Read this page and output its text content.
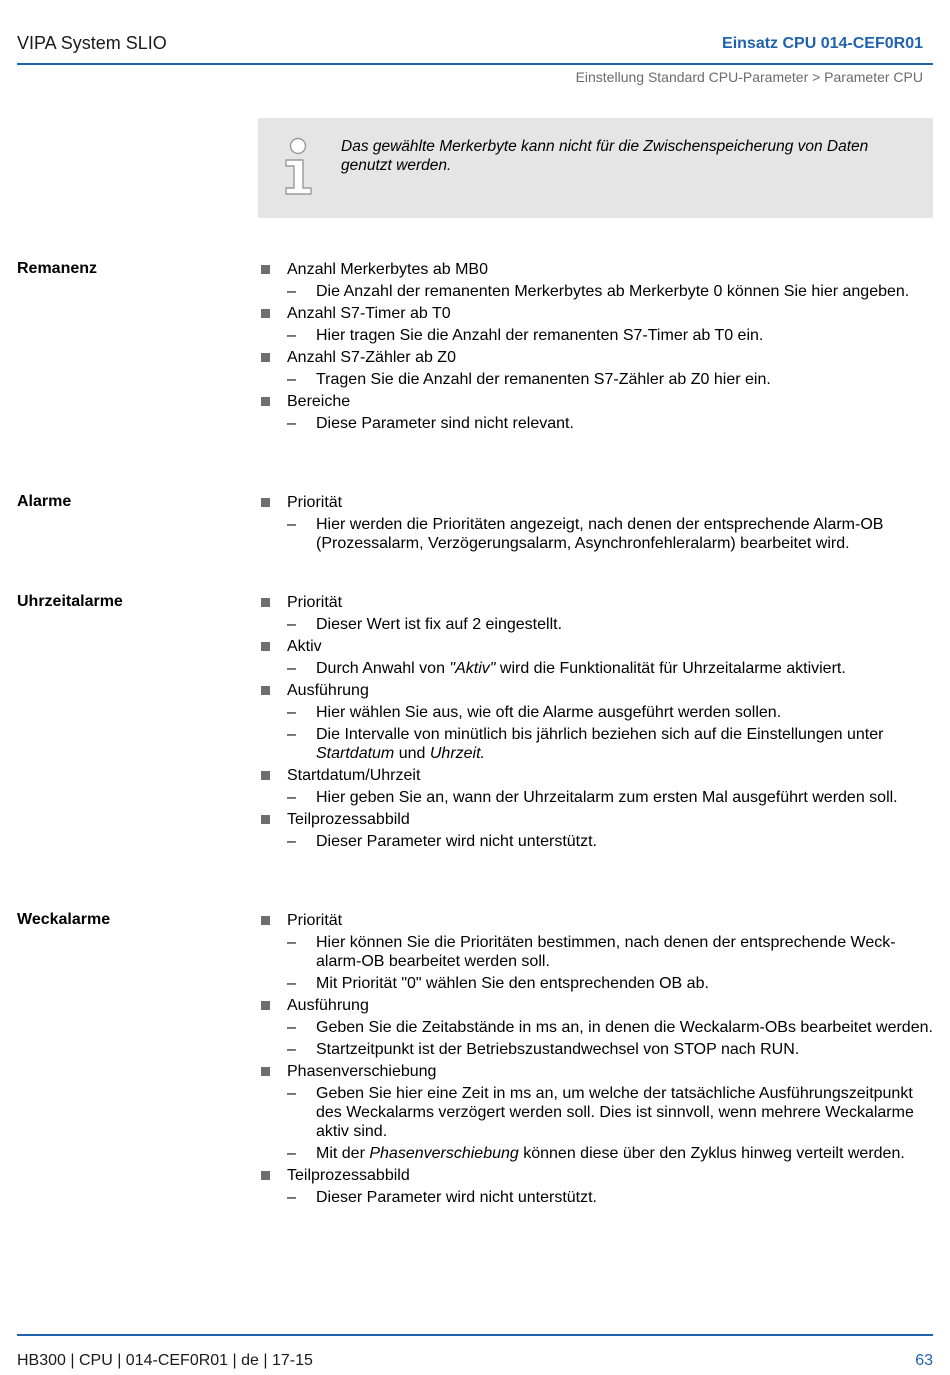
VIPA System SLIO	Einsatz CPU 014-CEF0R01
Einstellung Standard CPU-Parameter > Parameter CPU
Das gewählte Merkerbyte kann nicht für die Zwischenspeicherung von Daten genutzt werden.
Remanenz	Anzahl Merkerbytes ab MB0
– Die Anzahl der remanenten Merkerbytes ab Merkerbyte 0 können Sie hier angeben.
Anzahl S7-Timer ab T0
– Hier tragen Sie die Anzahl der remanenten S7-Timer ab T0 ein.
Anzahl S7-Zähler ab Z0
– Tragen Sie die Anzahl der remanenten S7-Zähler ab Z0 hier ein.
Bereiche
– Diese Parameter sind nicht relevant.
Alarme	Priorität
– Hier werden die Prioritäten angezeigt, nach denen der entsprechende Alarm-OB (Prozessalarm, Verzögerungsalarm, Asynchronfehleralarm) bearbeitet wird.
Uhrzeitalarme	Priorität
– Dieser Wert ist fix auf 2 eingestellt.
Aktiv
– Durch Anwahl von "Aktiv" wird die Funktionalität für Uhrzeitalarme aktiviert.
Ausführung
– Hier wählen Sie aus, wie oft die Alarme ausgeführt werden sollen.
– Die Intervalle von minütlich bis jährlich beziehen sich auf die Einstellungen unter Startdatum und Uhrzeit.
Startdatum/Uhrzeit
– Hier geben Sie an, wann der Uhrzeitalarm zum ersten Mal ausgeführt werden soll.
Teilprozessabbild
– Dieser Parameter wird nicht unterstützt.
Weckalarme	Priorität
– Hier können Sie die Prioritäten bestimmen, nach denen der entsprechende Weckalarm-OB bearbeitet werden soll.
– Mit Priorität "0" wählen Sie den entsprechenden OB ab.
Ausführung
– Geben Sie die Zeitabstände in ms an, in denen die Weckalarm-OBs bearbeitet werden.
– Startzeitpunkt ist der Betriebszustandwechsel von STOP nach RUN.
Phasenverschiebung
– Geben Sie hier eine Zeit in ms an, um welche der tatsächliche Ausführungszeitpunkt des Weckalarms verzögert werden soll. Dies ist sinnvoll, wenn mehrere Weckalarme aktiv sind.
– Mit der Phasenverschiebung können diese über den Zyklus hinweg verteilt werden.
Teilprozessabbild
– Dieser Parameter wird nicht unterstützt.
HB300 | CPU | 014-CEF0R01 | de | 17-15	63
